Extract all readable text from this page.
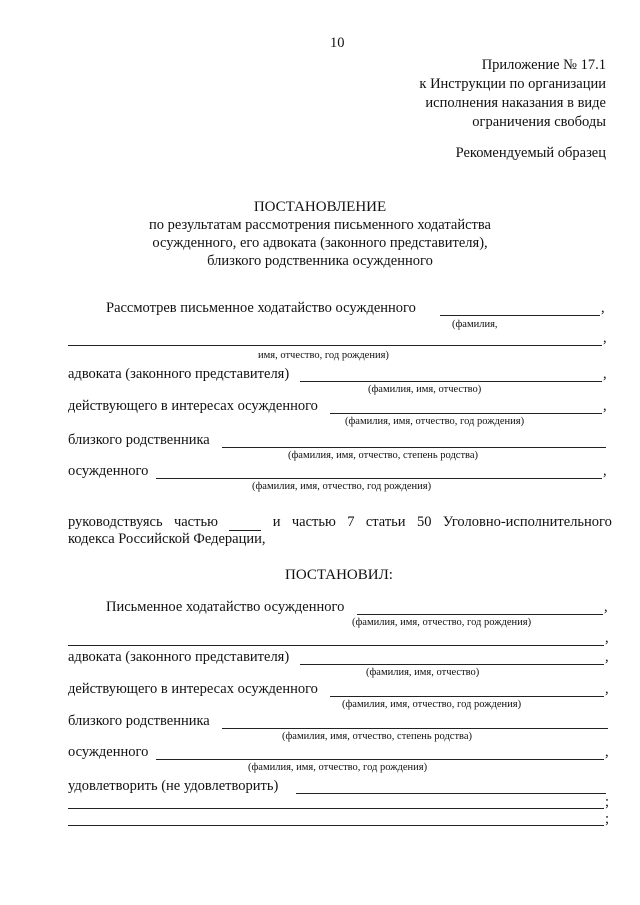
10
Приложение № 17.1
к Инструкции по организации
исполнения наказания в виде
ограничения свободы
Рекомендуемый образец
ПОСТАНОВЛЕНИЕ
по результатам рассмотрения письменного ходатайства
осужденного, его адвоката (законного представителя),
близкого родственника осужденного
Рассмотрев письменное ходатайство осужденного	,
(фамилия,
,
имя, отчество, год рождения)
адвоката (законного представителя)	,
(фамилия, имя, отчество)
действующего в интересах осужденного	,
(фамилия, имя, отчество, год рождения)
близкого родственника
(фамилия, имя, отчество, степень родства)
осужденного	,
(фамилия, имя, отчество, год рождения)
руководствуясь частью	и частью 7 статьи 50 Уголовно-исполнительного
кодекса Российской Федерации,
ПОСТАНОВИЛ:
Письменное ходатайство осужденного	,
(фамилия, имя, отчество, год рождения)
,
адвоката (законного представителя)	,
(фамилия, имя, отчество)
действующего в интересах осужденного	,
(фамилия, имя, отчество, год рождения)
близкого родственника
(фамилия, имя, отчество, степень родства)
осужденного	,
(фамилия, имя, отчество, год рождения)
удовлетворить (не удовлетворить)
;
;
